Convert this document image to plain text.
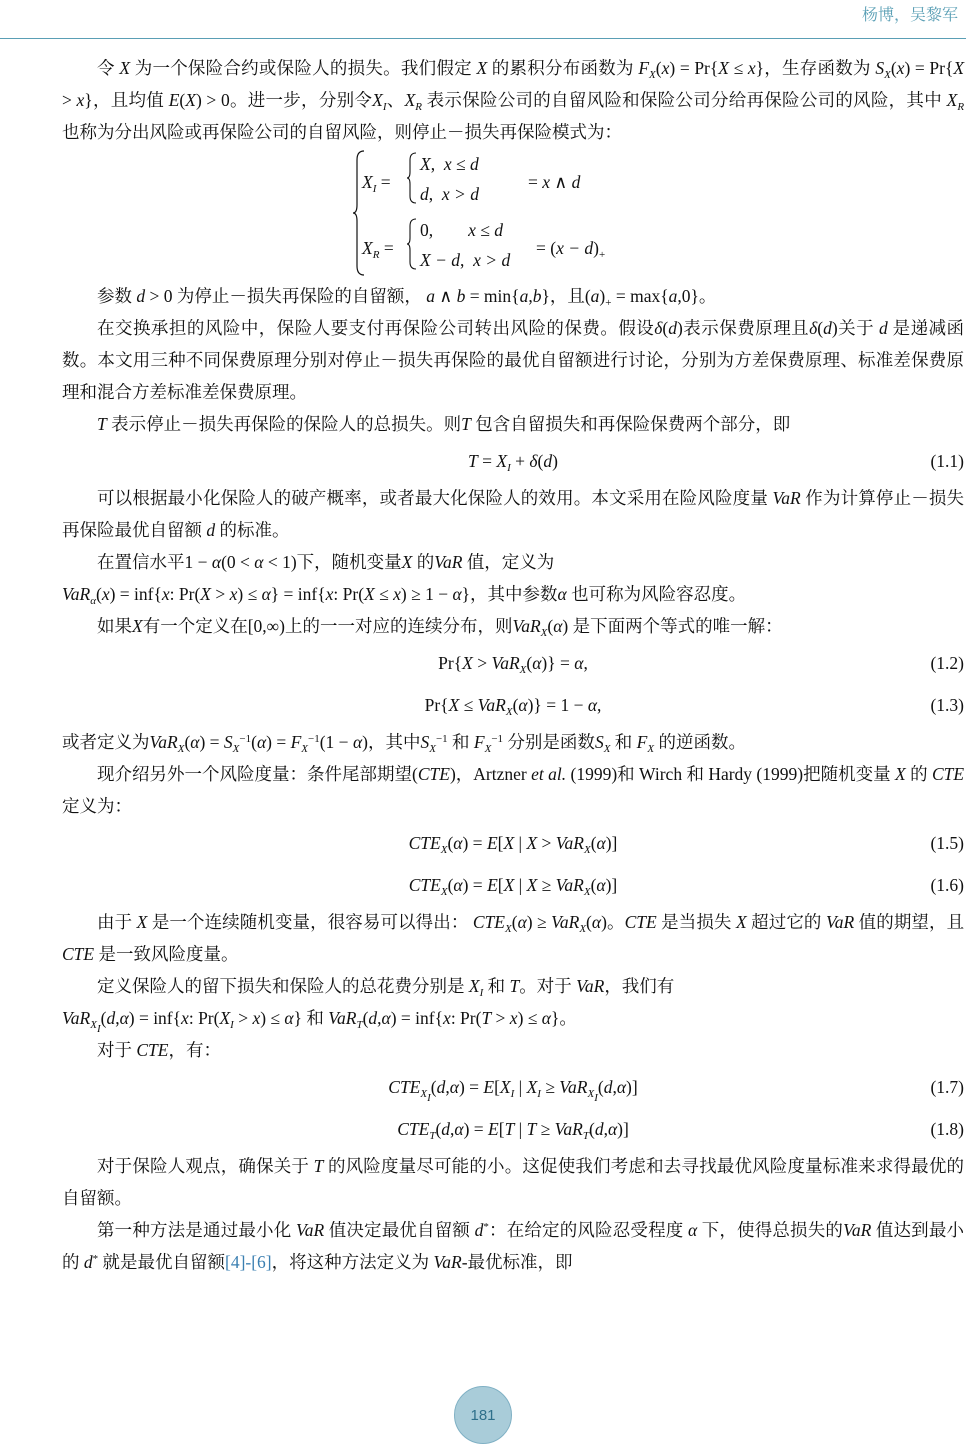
杨博，吴黎军

令 X 为一个保险合约或保险人的损失。我们假定 X 的累积分布函数为 $F_X(x) = Pr\{X \le x\}$，生存函数为 $S_X(x) = Pr\{X > x\}$，且均值 E(X) > 0。进一步，分别令$X_I$、$X_R$ 表示保险公司的自留风险和保险公司分给再保险公司的风险，其中 $X_R$ 也称为分出风险或再保险公司的自留风险，则停止－损失再保险模式为：

$X_I$ =
X,  x ≤ d
d,  x > d
= x ∧ d
$X_R$ =
0,        x ≤ d
X − d,  x > d
= $(x - d)_+$

参数 d > 0 为停止－损失再保险的自留额， a ∧ b = min{a,b}，且$(a)_+ = \max\{a,0\}$。

在交换承担的风险中，保险人要支付再保险公司转出风险的保费。假设δ(d)表示保费原理且δ(d)关于 d 是递减函数。本文用三种不同保费原理分别对停止－损失再保险的最优自留额进行讨论，分别为方差保费原理、标准差保费原理和混合方差标准差保费原理。

T 表示停止－损失再保险的保险人的总损失。则T 包含自留损失和再保险保费两个部分，即

$T = X_I + \delta(d)$	(1.1)

可以根据最小化保险人的破产概率，或者最大化保险人的效用。本文采用在险风险度量 VaR 作为计算停止－损失再保险最优自留额 d 的标准。

在置信水平1 − α(0 < α < 1)下，随机变量X 的VaR 值，定义为

VaR$_\alpha$(x) = inf{x: Pr(X > x) ≤ α} = inf{x: Pr(X ≤ x) ≥ 1 − α}，其中参数α 也可称为风险容忍度。

如果X有一个定义在[0,∞)上的一一对应的连续分布，则VaR$_X$(α) 是下面两个等式的唯一解：

Pr{X > VaR$_X$(α)} = α,	(1.2)
Pr{X ≤ VaR$_X$(α)} = 1 − α,	(1.3)

或者定义为$VaR_X(\alpha) = S_X^{-1}(\alpha) = F_X^{-1}(1 - \alpha)$，其中$S_X^{-1}$ 和 $F_X^{-1}$ 分别是函数$S_X$ 和 $F_X$ 的逆函数。

现介绍另外一个风险度量：条件尾部期望(CTE)，Artzner et al. (1999)和 Wirch 和 Hardy (1999)把随机变量 X 的 CTE 定义为：

$CTE_X(\alpha) = E[X$ | X > VaR$_X$(α)]	(1.5)
$CTE_X(\alpha) = E[X$ | X ≥ VaR$_X$(α)]	(1.6)

由于 X 是一个连续随机变量，很容易可以得出： $CTE_X(\alpha) \ge VaR_X(\alpha)$。CTE 是当损失 X 超过它的 VaR 值的期望，且 CTE 是一致风险度量。

定义保险人的留下损失和保险人的总花费分别是 $X_I$ 和 T。对于 VaR，我们有

VaR$_{X_I}$(d,α) = inf{x: $Pr(X_I > x) \le \alpha$} 和 VaR$_T$(d,α) = inf{x: Pr(T > x) ≤ α}。

对于 CTE，有：

$CTE_{X_I}(d,\alpha) = E[X_I$ | $X_I \ge VaR_{X_I}(d,\alpha)$]	(1.7)
$CTE_T(d,\alpha) = E[T$ | T ≥ VaR$_T$(d,α)]	(1.8)

对于保险人观点，确保关于 T 的风险度量尽可能的小。这促使我们考虑和去寻找最优风险度量标准来求得最优的自留额。

第一种方法是通过最小化 VaR 值决定最优自留额 d*：在给定的风险忍受程度 α 下，使得总损失的VaR 值达到最小的 d* 就是最优自留额[4]-[6]，将这种方法定义为 VaR-最优标准，即

181
